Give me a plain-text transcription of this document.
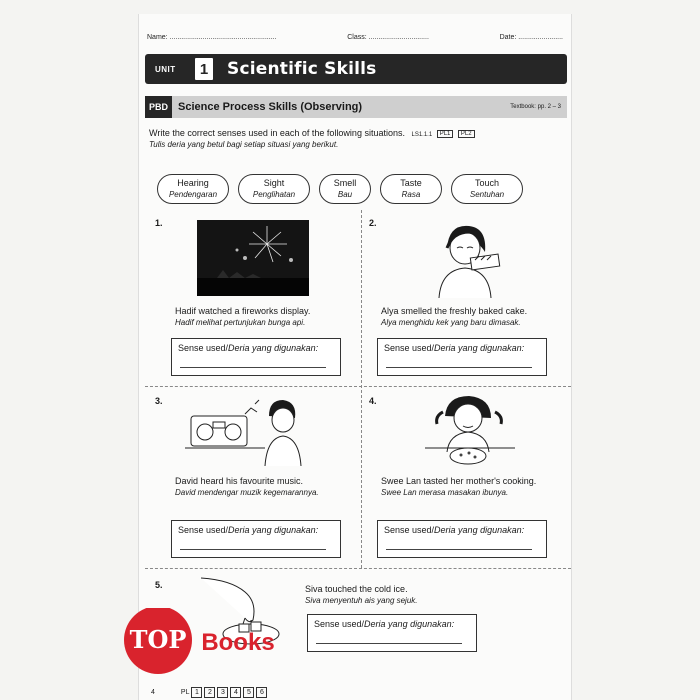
Name: .......................................................	Class: ...............................	Date: .......................
UNIT	1 Scientific Skills
PBD Science Process Skills (Observing)	Textbook: pp. 2 – 3
Write the correct senses used in each of the following situations. LS1.1.1 PL1 PL2
Tulis deria yang betul bagi setiap situasi yang berikut.
Hearing
Pendengaran
Sight
Penglihatan
Smell
Bau
Taste
Rasa
Touch
Sentuhan
1.
Hadif watched a fireworks display.
Hadif melihat pertunjukan bunga api.
Sense used/Deria yang digunakan:
2.
Alya smelled the freshly baked cake.
Alya menghidu kek yang baru dimasak.
Sense used/Deria yang digunakan:
3.
David heard his favourite music.
David mendengar muzik kegemarannya.
Sense used/Deria yang digunakan:
4.
Swee Lan tasted her mother's cooking.
Swee Lan merasa masakan ibunya.
Sense used/Deria yang digunakan:
5.	Siva touched the cold ice.
Siva menyentuh ais yang sejuk.
Sense used/Deria yang digunakan:
4	PL 1	2	3	4	5	6
TOP Books
